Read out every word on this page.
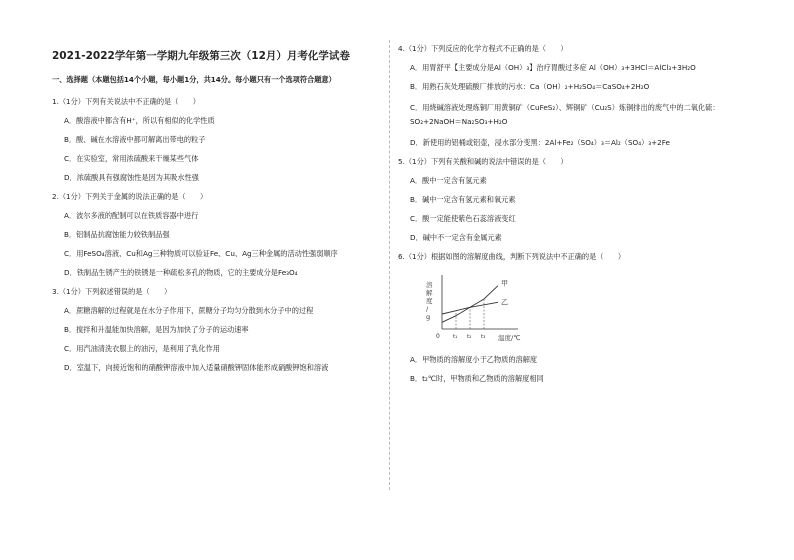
2021-2022学年第一学期九年级第三次（12月）月考化学试卷
一、选择题（本题包括14个小题，每小题1分，共14分。每小题只有一个选项符合题意）
1.（1分）下列有关说法中不正确的是（　　）
A．酸溶液中都含有H⁺，所以有相似的化学性质
B．酸、碱在水溶液中都可解离出带电的粒子
C．在实验室，常用浓硫酸来干燥某些气体
D．浓硫酸具有强腐蚀性是因为其吸水性强
2.（1分）下列关于金属的说法正确的是（　　）
A．波尔多液的配制可以在铁质容器中进行
B．铝制品抗腐蚀能力较铁制品强
C．用FeSO₄溶液、Cu和Ag三种物质可以验证Fe、Cu、Ag三种金属的活动性强弱顺序
D．铁制品生锈产生的铁锈是一种疏松多孔的物质，它的主要成分是Fe₃O₄
3.（1分）下列叙述错误的是（　　）
A．蔗糖溶解的过程就是在水分子作用下，蔗糖分子均匀分散到水分子中的过程
B．搅拌和升温能加快溶解，是因为加快了分子的运动速率
C．用汽油清洗衣服上的油污，是利用了乳化作用
D．室温下，向接近饱和的硝酸钾溶液中加入适量硝酸钾固体能形成硝酸钾饱和溶液
4.（1分）下列反应的化学方程式不正确的是（　　）
A．用胃舒平【主要成分是Al（OH）₃】治疗胃酸过多症 Al（OH）₃+3HCl＝AlCl₃+3H₂O
B．用熟石灰处理硫酸厂排放的污水：Ca（OH）₂+H₂SO₄＝CaSO₄+2H₂O
C．用烧碱溶液处理炼铜厂用黄铜矿（CuFeS₂）、辉铜矿（Cu₂S）炼铜排出的废气中的二氧化硫：SO₂+2NaOH＝Na₂SO₃+H₂O
D．新使用的铝桶或铝壶，浸水部分变黑：2Al+Fe₂（SO₄）₃＝Al₂（SO₄）₃+2Fe
5.（1分）下列有关酸和碱的说法中错误的是（　　）
A．酸中一定含有氢元素
B．碱中一定含有氢元素和氧元素
C．酸一定能使紫色石蕊溶液变红
D．碱中不一定含有金属元素
6.（1分）根据如图的溶解度曲线，判断下列说法中不正确的是（　　）
溶
解
度
/
g
温度/℃
0 t₁ t₂ t₃
甲
乙
A．甲物质的溶解度小于乙物质的溶解度
B．t₂℃时，甲物质和乙物质的溶解度相同
